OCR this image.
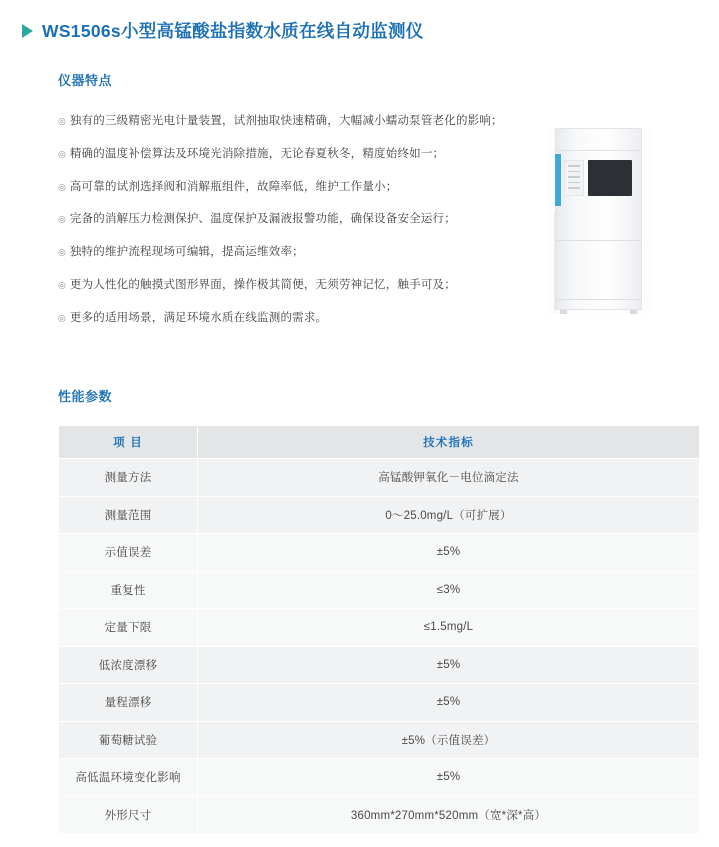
WS1506s小型高锰酸盐指数水质在线自动监测仪
仪器特点
◎ 独有的三级精密光电计量装置，试剂抽取快速精确，大幅减小蠕动泵管老化的影响；
◎ 精确的温度补偿算法及环境光消除措施，无论春夏秋冬，精度始终如一；
◎ 高可靠的试剂选择阀和消解瓶组件，故障率低，维护工作量小；
◎ 完备的消解压力检测保护、温度保护及漏液报警功能，确保设备安全运行；
◎ 独特的维护流程现场可编辑，提高运维效率；
◎ 更为人性化的触摸式图形界面，操作极其简便，无须劳神记忆，触手可及；
◎ 更多的适用场景，满足环境水质在线监测的需求。
性能参数
项 目	技术指标
测量方法	高锰酸钾氧化－电位滴定法
测量范围	0～25.0mg/L（可扩展）
示值误差	±5%
重复性	≤3%
定量下限	≤1.5mg/L
低浓度漂移	±5%
量程漂移	±5%
葡萄糖试验	±5%（示值误差）
高低温环境变化影响	±5%
外形尺寸	360mm*270mm*520mm（宽*深*高）
